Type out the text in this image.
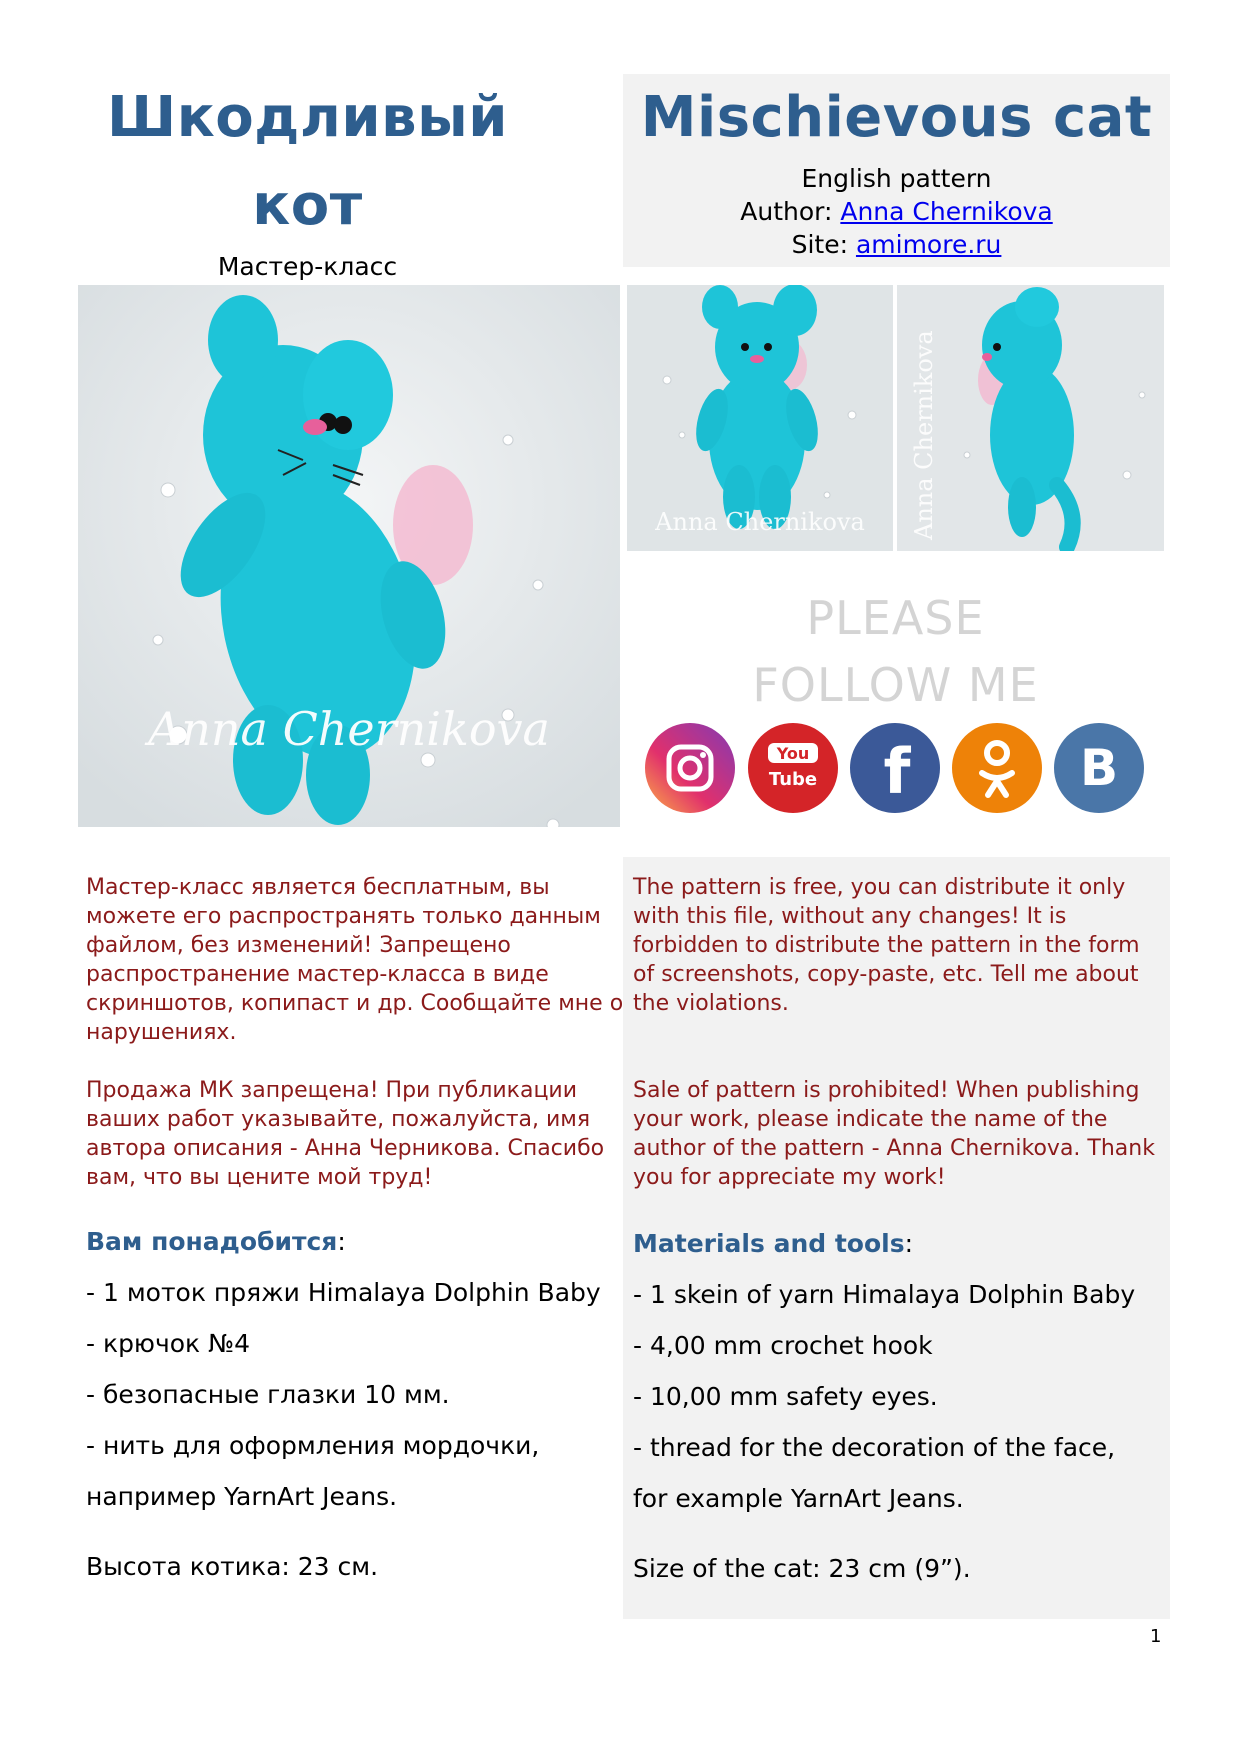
Шкодливый кот
Мастер-класс
Mischievous cat
English pattern
Author: Anna Chernikova
Site: amimore.ru
Anna Chernikova
Anna Chernikova Anna Chernikova
PLEASE
FOLLOW ME
You
Tube f	B
Мастер-класс является бесплатным, вы можете его распространять только данным файлом, без изменений! Запрещено распространение мастер-класса в виде скриншотов, копипаст и др. Сообщайте мне о нарушениях.
Продажа МК запрещена! При публикации ваших работ указывайте, пожалуйста, имя автора описания - Анна Черникова. Спасибо вам, что вы цените мой труд!
The pattern is free, you can distribute it only with this file, without any changes! It is forbidden to distribute the pattern in the form of screenshots, copy-paste, etc. Tell me about the violations.
Sale of pattern is prohibited! When publishing your work, please indicate the name of the author of the pattern - Anna Chernikova. Thank you for appreciate my work!
Вам понадобится:
- 1 моток пряжи Himalaya Dolphin Baby
- крючок №4
- безопасные глазки 10 мм.
- нить для оформления мордочки,
например YarnArt Jeans.
Высота котика: 23 см.
Materials and tools:
- 1 skein of yarn Himalaya Dolphin Baby
- 4,00 mm crochet hook
- 10,00 mm safety eyes.
- thread for the decoration of the face,
for example YarnArt Jeans.
Size of the cat: 23 cm (9”).
1
